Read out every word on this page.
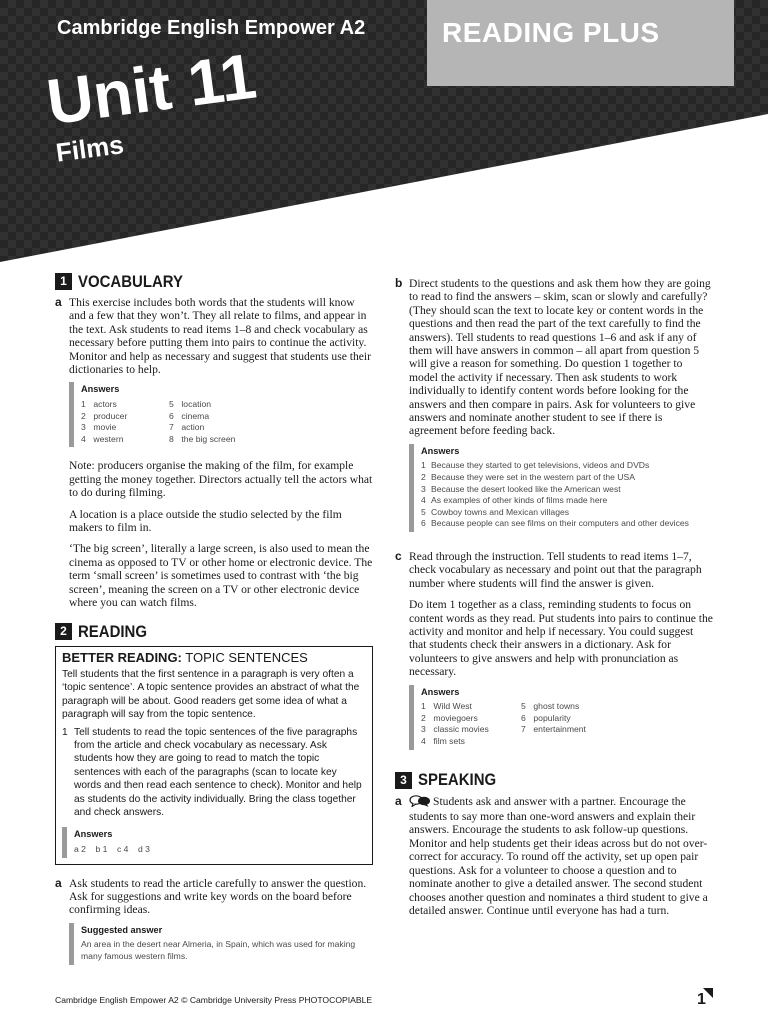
Cambridge English Empower A2	READING PLUS
Unit 11
Films
1 VOCABULARY
a This exercise includes both words that the students will know and a few that they won’t. They all relate to films, and appear in the text. Ask students to read items 1–8 and check vocabulary as necessary before putting them into pairs to continue the activity. Monitor and help as necessary and suggest that students use their dictionaries to help.

Answers
1 actors	5 location
2 producer	6 cinema
3 movie	7 action
4 western	8 the big screen

Note: producers organise the making of the film, for example getting the money together. Directors actually tell the actors what to do during filming.

A location is a place outside the studio selected by the film makers to film in.

‘The big screen’, literally a large screen, is also used to mean the cinema as opposed to TV or other home or electronic device. The term ‘small screen’ is sometimes used to contrast with ‘the big screen’, meaning the screen on a TV or other electronic device where you can watch films.

2 READING
BETTER READING: TOPIC SENTENCES
Tell students that the first sentence in a paragraph is very often a ‘topic sentence’. A topic sentence provides an abstract of what the paragraph will be about. Good readers get some idea of what a paragraph will say from the topic sentence.
1 Tell students to read the topic sentences of the five paragraphs from the article and check vocabulary as necessary. Ask students how they are going to read to match the topic sentences with each of the paragraphs (scan to locate key words and then read each sentence to check). Monitor and help as students do the activity individually. Bring the class together and check answers.
Answers
a 2    b 1    c 4    d 3
a Ask students to read the article carefully to answer the question. Ask for suggestions and write key words on the board before confirming ideas.

Suggested answer
An area in the desert near Almeria, in Spain, which was used for making many famous western films.
b Direct students to the questions and ask them how they are going to read to find the answers – skim, scan or slowly and carefully? (They should scan the text to locate key or content words in the questions and then read the part of the text carefully to find the answers). Tell students to read questions 1–6 and ask if any of them will have answers in common – all apart from question 5 will give a reason for something. Do question 1 together to model the activity if necessary. Then ask students to work individually to identify content words before looking for the answers and then compare in pairs. Ask for volunteers to give answers and nominate another student to see if there is agreement before feeding back.

Answers
1 Because they started to get televisions, videos and DVDs
2 Because they were set in the western part of the USA
3 Because the desert looked like the American west
4 As examples of other kinds of films made here
5 Cowboy towns and Mexican villages
6 Because people can see films on their computers and other devices
c Read through the instruction. Tell students to read items 1–7, check vocabulary as necessary and point out that the paragraph number where students will find the answer is given.

Do item 1 together as a class, reminding students to focus on content words as they read. Put students into pairs to continue the activity and monitor and help if necessary. You could suggest that students check their answers in a dictionary. Ask for volunteers to give answers and help with pronunciation as necessary.

Answers
1 Wild West	5 ghost towns
2 moviegoers	6 popularity
3 classic movies	7 entertainment
4 film sets
3 SPEAKING
a	Students ask and answer with a partner. Encourage the students to say more than one-word answers and explain their answers. Encourage the students to ask follow-up questions. Monitor and help students get their ideas across but do not over-correct for accuracy. To round off the activity, set up open pair questions. Ask for a volunteer to choose a question and to nominate another to give a detailed answer. The second student chooses another question and nominates a third student to give a detailed answer. Continue until everyone has had a turn.

Cambridge English Empower A2 © Cambridge University Press PHOTOCOPIABLE	1
